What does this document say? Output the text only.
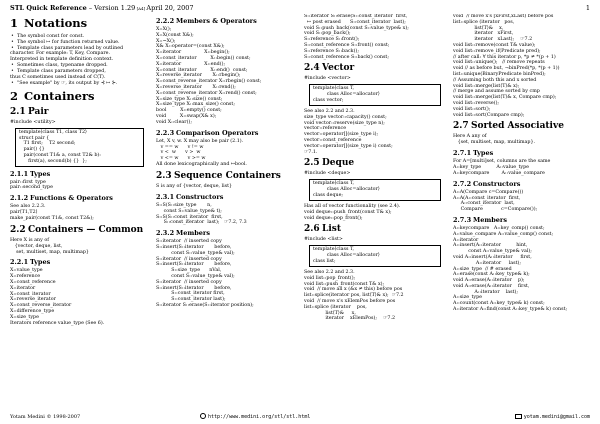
STL Quick Reference – Version 1.29 [A4] April 20, 2007	1
1 Notations
• The symbol const for const.
• The symbol ↦ for function returned value.
• Template class parameters lead by outlined
character. For example: T, Key, Compare.
Interpreted in template definition context.
• Sometimes class, typename dropped.
• Template class parameters dropped,
thus C sometimes used instead of C⟨T⟩.
• "See example" by ☞, its output by ⊰ ↦ ⊱.
2 Containers
2.1 Pair
#include <utility>
template⟨class T1, class T2⟩
struct pair {
T1 first;    T2 second;
pair() {}
pair(const T1& a, const T2& b):
first(a), second(b) {}  };
2.1.1 Types
pair::first_type
pair::second_type
2.1.2 Functions & Operators
See also 2.2.3.
pair⟨T1,T2⟩
make_pair(const T1&, const T2&);
2.2 Containers — Common
Here X is any of
{vector, deque, list,
set, multiset, map, multimap}
2.2.1 Types
X::value_type
X::reference
X::const_reference
X::iterator
X::const_iterator
X::reverse_iterator
X::const_reverse_iterator
X::difference_type
X::size_type
Iterators reference value_type (See 6).
2.2.2 Members & Operators
X::X();
X::X(const X&);
X::~X();
X& X::operator=(const X&);
X::iterator               X::begin();
X::const_iterator         X::begin() const;
X::iterator               X::end();
X::const_iterator         X::end()  const;
X::reverse_iterator       X::rbegin();
X::const_reverse_iterator X::rbegin() const;
X::reverse_iterator       X::rend();
X::const_reverse_iterator X::rend() const;
X::size_type X::size() const;
X::size_type X::max_size() const;
bool         X::empty() const;
void         X::swap(X& x);
void X::clear();
2.2.3 Comparison Operators
Let, X v, w. X may also be pair (2.1).
v == w      v != w
v <  w      v >  w
v <= w      v >= w
All done lexicographically and ↦bool.
2.3 Sequence Containers
S is any of {vector, deque, list}
2.3.1 Constructors
S::S(S::size_type       n,
const S::value_type& t);
S::S(S::const_iterator  first,
S::const_iterator  last);   ☞7.2, 7.3
2.3.2 Members
S::iterator  // inserted copy
S::insert(S::iterator       before,
const S::value_type& val);
S::iterator  // inserted copy
S::insert(S::iterator       before,
S::size_type      nVal,
const S::value_type& val);
S::iterator  // inserted copy
S::insert(S::iterator       before,
S::const_iterator first,
S::const_iterator last);
S::iterator S::erase(S::iterator position);
S::iterator S::erase(S::const_iterator  first,
↦ post erased      S::const_iterator  last);
void S::push_back(const S::value_type& x);
void S::pop_back();
S::reference S::front();
S::const_reference S::front() const;
S::reference S::back();
S::const_reference S::back() const;
2.4 Vector
#include <vector>
template⟨class T,
class Alloc=allocator⟩
class vector;
See also 2.2 and 2.3.
size_type vector::capacity() const;
void vector::reserve(size_type n);
vector::reference
vector::operator[](size_type i);
vector::const_reference
vector::operator[](size_type i) const;
☞7.1.
2.5 Deque
#include <deque>
template⟨class T,
class Alloc=allocator⟩
class deque;
Has all of vector functionality (see 2.4).
void deque::push_front(const T& x);
void deque::pop_front();
2.6 List
#include <list>
template⟨class T,
class Alloc=allocator⟩
class list;
See also 2.2 and 2.3.
void list::pop_front();
void list::push_front(const T& x);
void  // move all x (&x ≠ this) before pos
list::splice(iterator pos, list⟨T⟩& x);  ☞7.2
void  // move x's xElemPos before pos
list::splice (iterator    pos,
list⟨T⟩&     x,
iterator    xElemPos);    ☞7.2
void  // move x's [xFirst,xLast) before pos
list::splice (iterator   pos,
list⟨T⟩&    x,
iterator   xFirst,
iterator   xLast);    ☞7.2
void list::remove(const T& value);
void list::remove_if(Predicate pred);
// after call: ∀ this iterator p, *p ≠ *(p + 1)
void list::unique();   // remove repeats
void // as before but, ¬binPred(*p, *(p + 1))
list::unique(BinaryPredicate binPred);
// Assuming both this and x sorted
void list::merge(list⟨T⟩& x);
// merge and assume sorted by cmp
void list::merge(list⟨T⟩& x, Compare cmp);
void list::reverse();
void list::sort();
void list::sort(Compare cmp);
2.7 Sorted Associative
Here A any of
{set, multiset, map, multimap}.
2.7.1 Types
For A=[multi]set, columns are the same
A::key_type          A::value_type
A::keycompare        A::value_compare
2.7.2 Constructors
A::A(Compare c=Compare())
A::A(A::const_iterator  first,
A::const_iterator  last,
Compare            c=Compare());
2.7.3 Members
A::keycompare   A::key_comp() const;
A::value_compare A::value_comp() const;
A::iterator
A::insert(A::iterator          hint,
const A::value_type& val);
void A::insert(A::iterator     first,
A::iterator     last);
A::size_type  // # erased
A::erase(const A::key_type& k);
void A::erase(A::iterator    p);
void A::erase(A::iterator    first,
A::iterator    last);
A::size_type
A::count(const A::key_type& k) const;
A::iterator A::find(const A::key_type& k) const;
Yotam Medini © 1998-2007	http://www.medini.org/stl/stl.html	yotam.medini@gmail.com
